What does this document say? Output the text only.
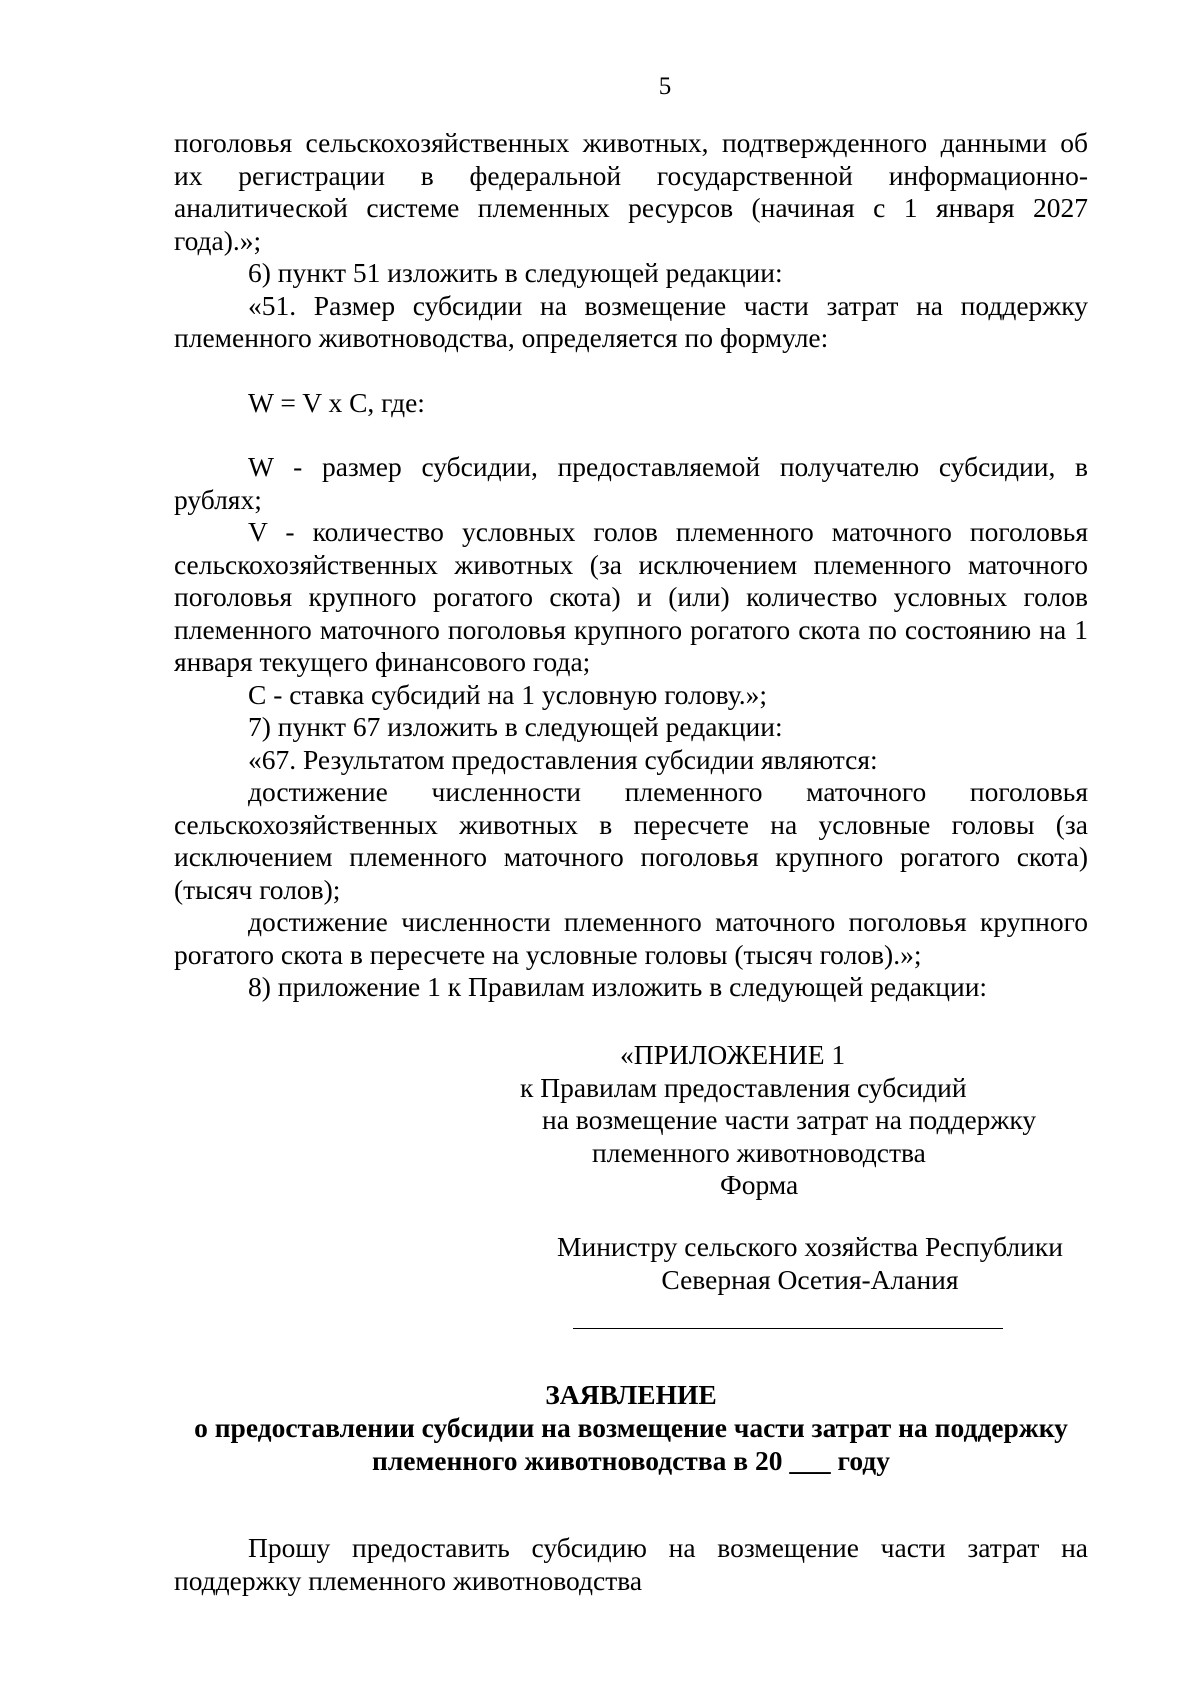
5

поголовья сельскохозяйственных животных, подтвержденного данными об их регистрации в федеральной государственной информационно-аналитической системе племенных ресурсов (начиная с 1 января 2027 года).»;

6) пункт 51 изложить в следующей редакции:

«51. Размер субсидии на возмещение части затрат на поддержку племенного животноводства, определяется по формуле:

W = V x C, где:

W - размер субсидии, предоставляемой получателю субсидии, в рублях;

V - количество условных голов племенного маточного поголовья сельскохозяйственных животных (за исключением племенного маточного поголовья крупного рогатого скота) и (или) количество условных голов племенного маточного поголовья крупного рогатого скота по состоянию на 1 января текущего финансового года;

С - ставка субсидий на 1 условную голову.»;

7) пункт 67 изложить в следующей редакции:

«67. Результатом предоставления субсидии являются:

достижение численности племенного маточного поголовья сельскохозяйственных животных в пересчете на условные головы (за исключением племенного маточного поголовья крупного рогатого скота) (тысяч голов);

достижение численности племенного маточного поголовья крупного рогатого скота в пересчете на условные головы (тысяч голов).»;

8) приложение 1 к Правилам изложить в следующей редакции:

«ПРИЛОЖЕНИЕ 1
к Правилам предоставления субсидий
на возмещение части затрат на поддержку
племенного животноводства
Форма
Министру сельского хозяйства Республики
Северная Осетия-Алания
ЗАЯВЛЕНИЕ
о предоставлении субсидии на возмещение части затрат на поддержку
племенного животноводства в 20 ___ году

Прошу предоставить субсидию на возмещение части затрат на поддержку племенного животноводства
